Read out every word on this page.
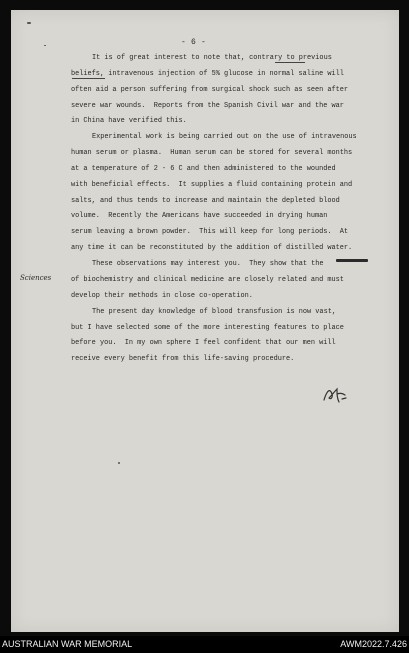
- 6 -
It is of great interest to note that, contrary to previous
beliefs, intravenous injection of 5% glucose in normal saline will
often aid a person suffering from surgical shock such as seen after
severe war wounds.  Reports from the Spanish Civil war and the war
in China have verified this.
Experimental work is being carried out on the use of intravenous
human serum or plasma.  Human serum can be stored for several months
at a temperature of 2 - 6 C and then administered to the wounded
with beneficial effects.  It supplies a fluid containing protein and
salts, and thus tends to increase and maintain the depleted blood
volume.  Recently the Americans have succeeded in drying human
serum leaving a brown powder.  This will keep for long periods.  At
any time it can be reconstituted by the addition of distilled water.
These observations may interest you.  They show that the
Sciences	of biochemistry and clinical medicine are closely related and must
develop their methods in close co-operation.
The present day knowledge of blood transfusion is now vast,
but I have selected some of the more interesting features to place
before you.  In my own sphere I feel confident that our men will
receive every benefit from this life-saving procedure.
AUSTRALIAN WAR MEMORIAL	AWM2022.7.426
